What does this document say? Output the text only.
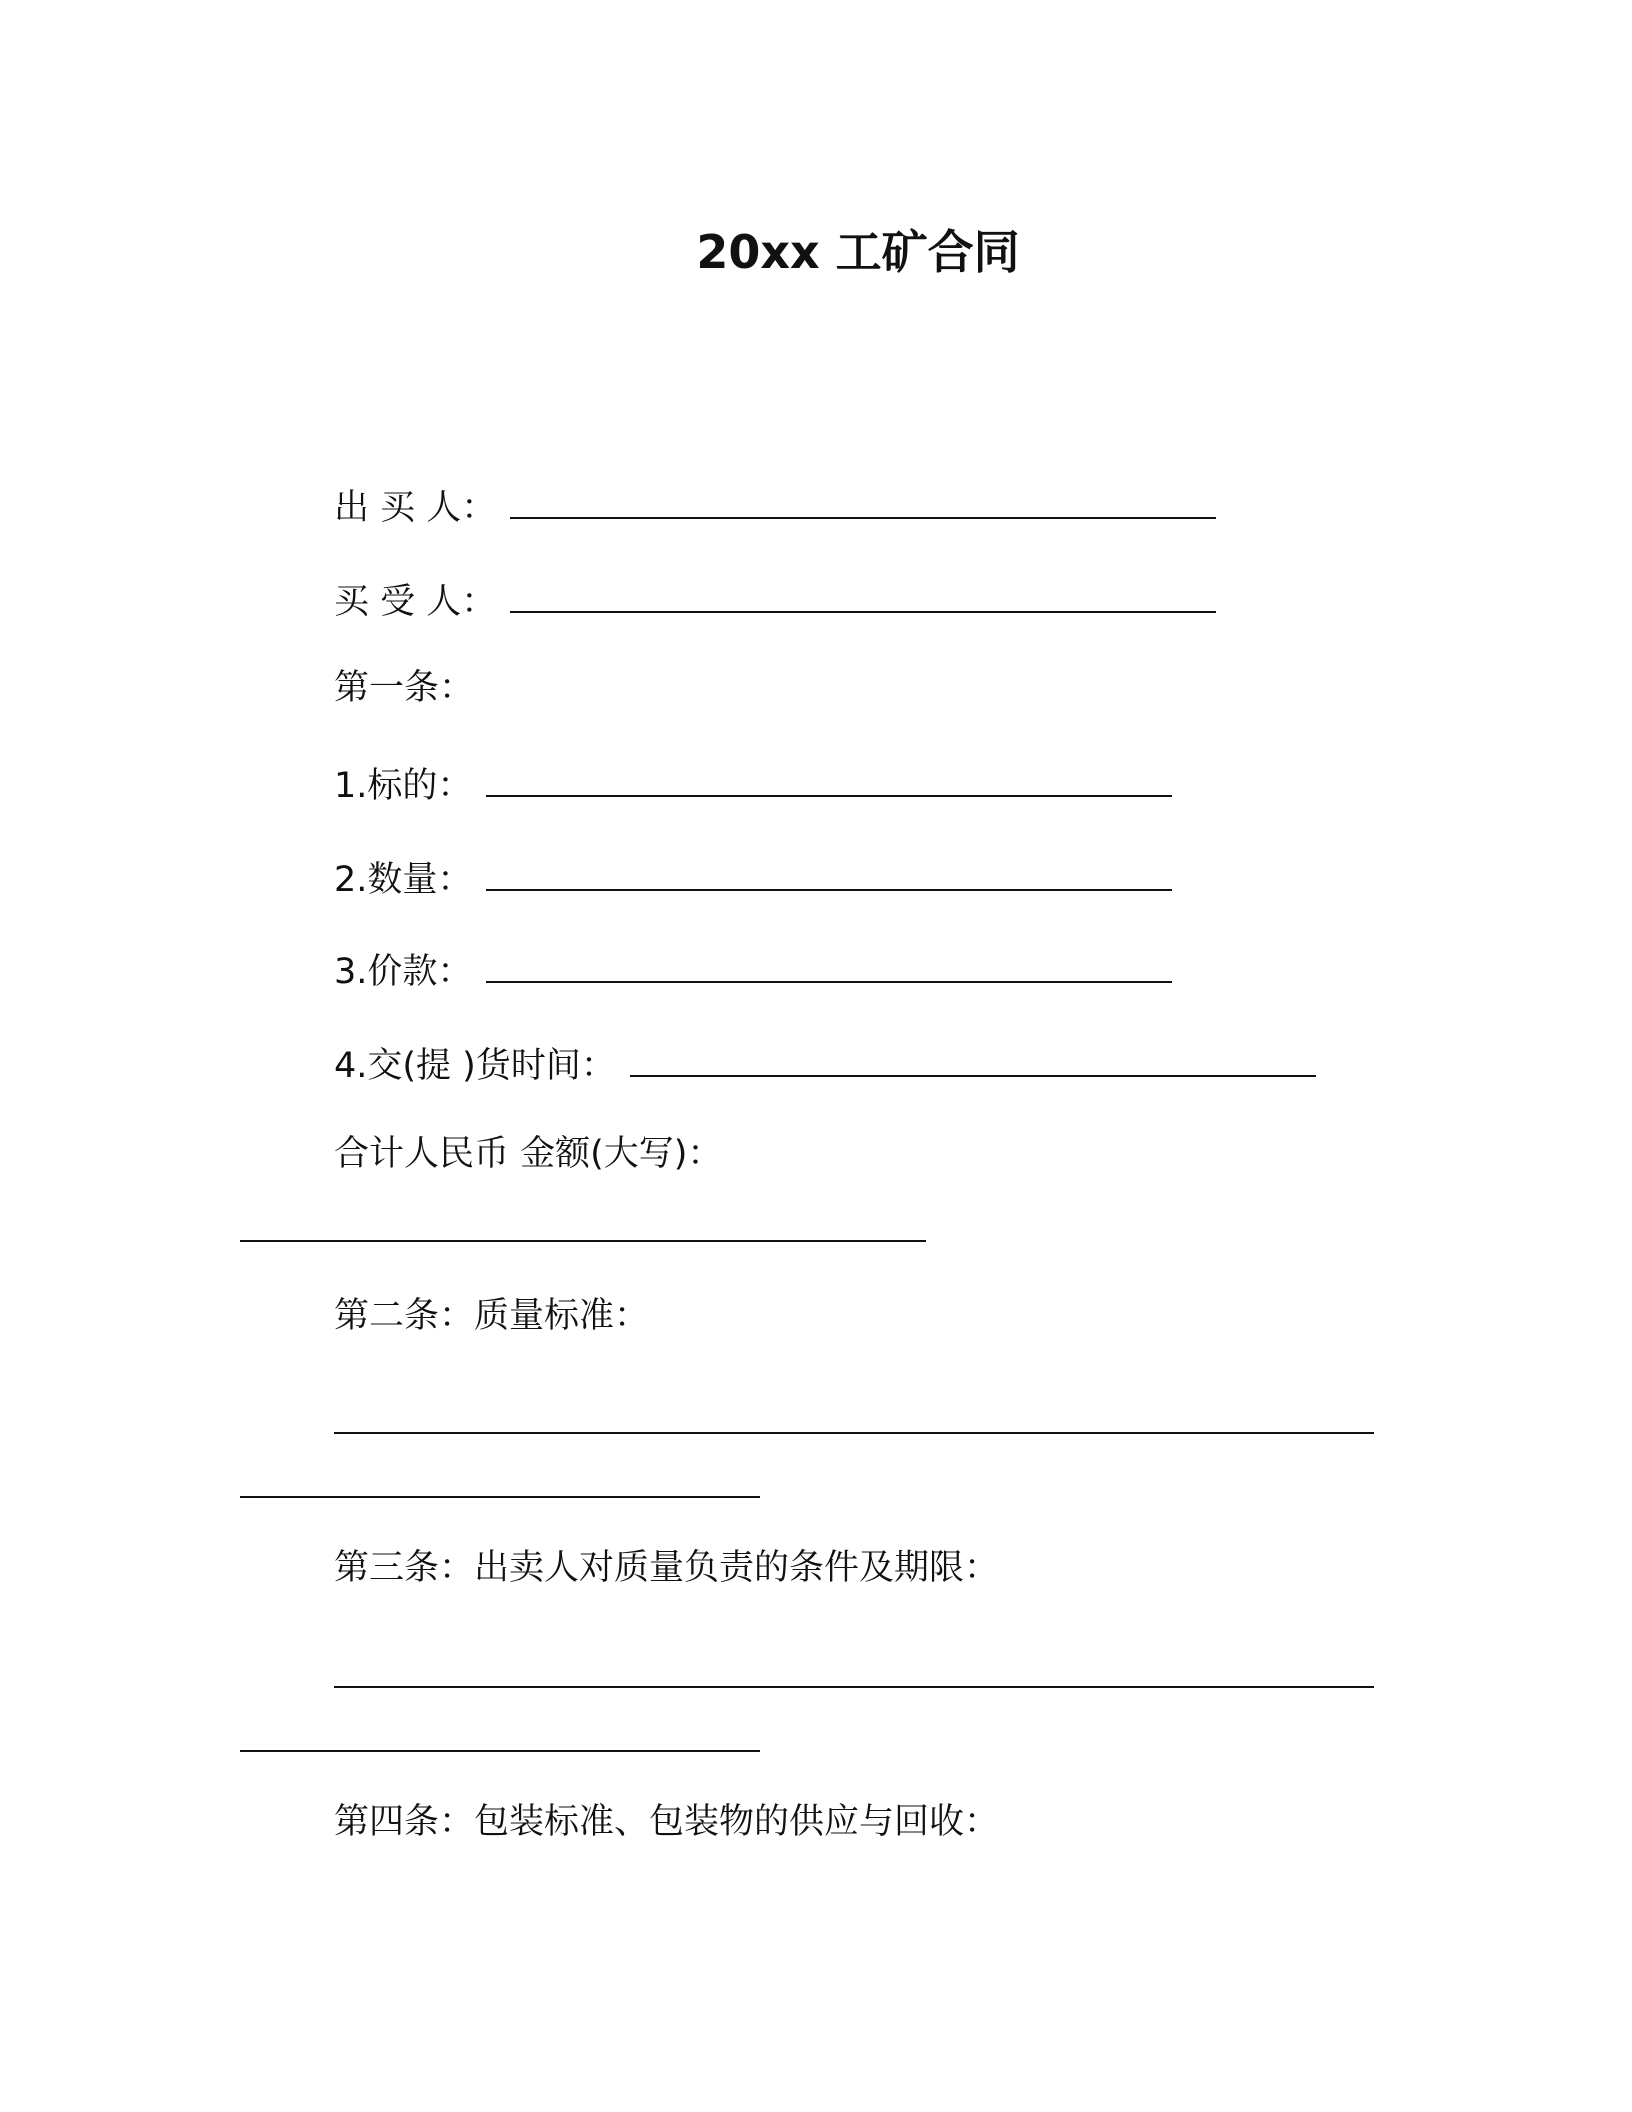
20xx 工矿合同
出 买 人：
买 受 人：
第一条：
1.标的：
2.数量：
3.价款：
4.交(提 )货时间：
合计人民币 金额(大写)：
第二条：质量标准：
第三条：出卖人对质量负责的条件及期限：
第四条：包装标准、包装物的供应与回收：
